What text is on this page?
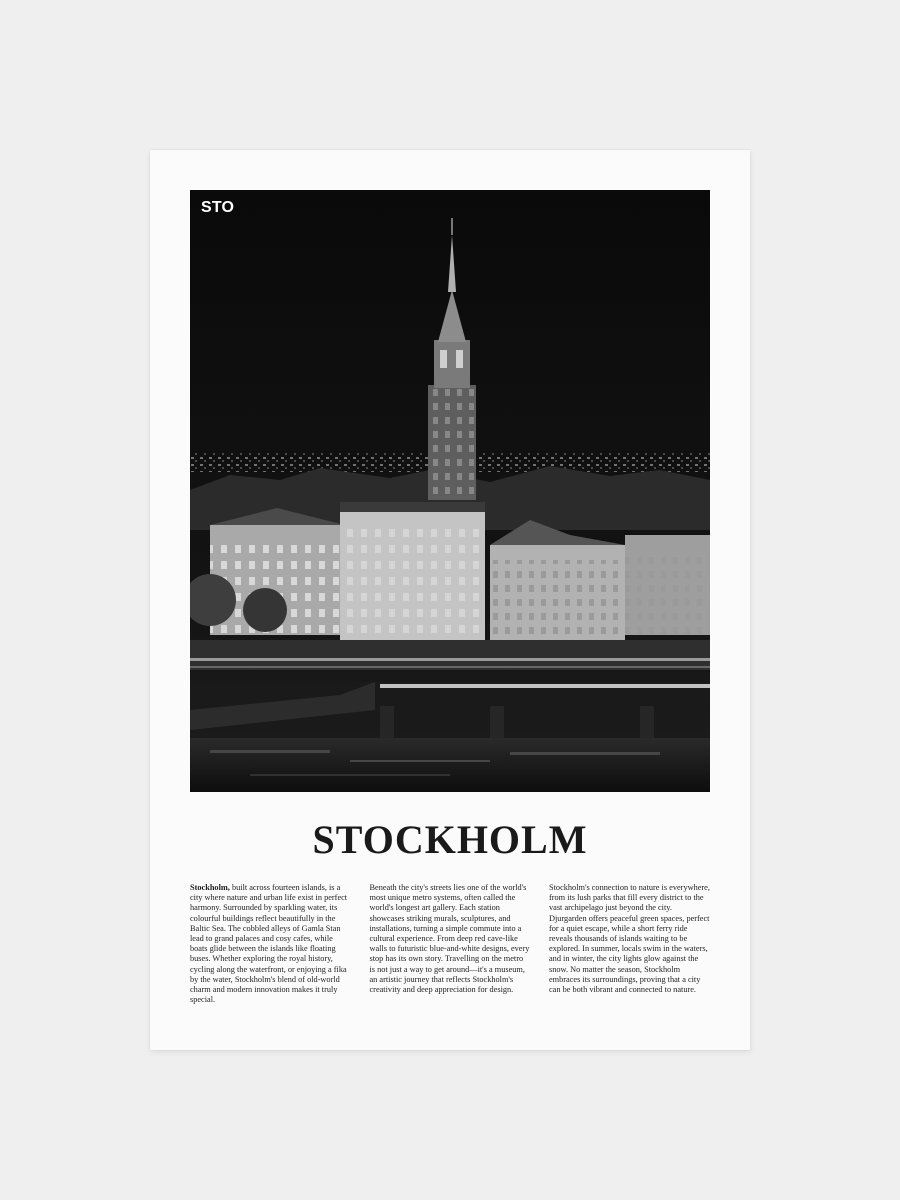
STO
STOCKHOLM

Stockholm, built across fourteen islands, is a city where nature and urban life exist in perfect harmony. Surrounded by sparkling water, its colourful buildings reflect beautifully in the Baltic Sea. The cobbled alleys of Gamla Stan lead to grand palaces and cosy cafes, while boats glide between the islands like floating buses. Whether exploring the royal history, cycling along the waterfront, or enjoying a fika by the water, Stockholm's blend of old-world charm and modern innovation makes it truly special.

Beneath the city's streets lies one of the world's most unique metro systems, often called the world's longest art gallery. Each station showcases striking murals, sculptures, and installations, turning a simple commute into a cultural experience. From deep red cave-like walls to futuristic blue-and-white designs, every stop has its own story. Travelling on the metro is not just a way to get around—it's a museum, an artistic journey that reflects Stockholm's creativity and deep appreciation for design.

Stockholm's connection to nature is everywhere, from its lush parks that fill every district to the vast archipelago just beyond the city. Djurgarden offers peaceful green spaces, perfect for a quiet escape, while a short ferry ride reveals thousands of islands waiting to be explored. In summer, locals swim in the waters, and in winter, the city lights glow against the snow. No matter the season, Stockholm embraces its surroundings, proving that a city can be both vibrant and connected to nature.
